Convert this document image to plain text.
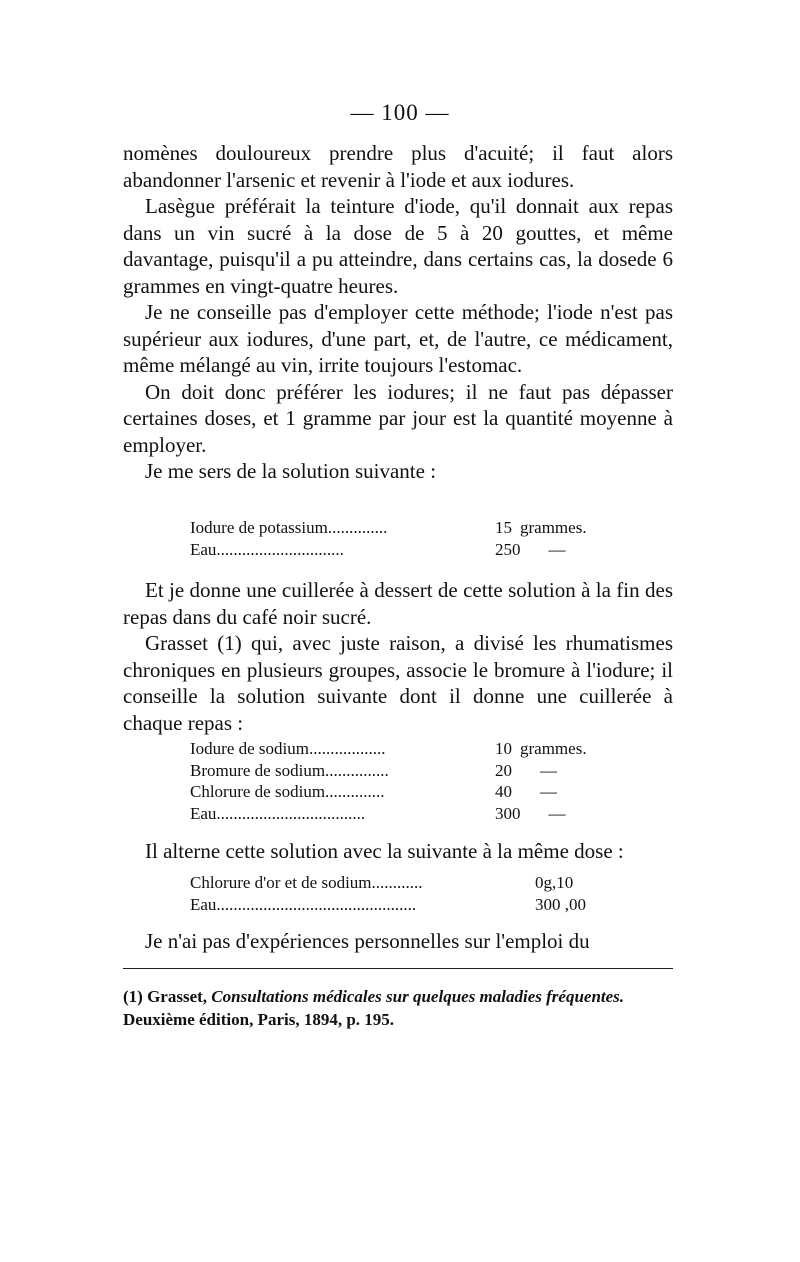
— 100 —

nomènes douloureux prendre plus d'acuité; il faut alors abandonner l'arsenic et revenir à l'iode et aux iodures.

Lasègue préférait la teinture d'iode, qu'il donnait aux repas dans un vin sucré à la dose de 5 à 20 gouttes, et même davantage, puisqu'il a pu atteindre, dans certains cas, la dosede 6 grammes en vingt-quatre heures.

Je ne conseille pas d'employer cette méthode; l'iode n'est pas supérieur aux iodures, d'une part, et, de l'autre, ce médicament, même mélangé au vin, irrite toujours l'estomac.

On doit donc préférer les iodures; il ne faut pas dépasser certaines doses, et 1 gramme par jour est la quantité moyenne à employer.

Je me sers de la solution suivante :

Iodure de potassium..............	15 grammes.
Eau..............................	250	—

Et je donne une cuillerée à dessert de cette solution à la fin des repas dans du café noir sucré.

Grasset (1) qui, avec juste raison, a divisé les rhumatismes chroniques en plusieurs groupes, associe le bromure à l'iodure; il conseille la solution suivante dont il donne une cuillerée à chaque repas :

Iodure de sodium..................	10 grammes.
Bromure de sodium...............	20	—
Chlorure de sodium..............	40	—
Eau...................................	300	—

Il alterne cette solution avec la suivante à la même dose :

Chlorure d'or et de sodium............	0g,10
Eau...............................................	300 ,00

Je n'ai pas d'expériences personnelles sur l'emploi du

(1) Grasset, Consultations médicales sur quelques maladies fréquentes.
Deuxième édition, Paris, 1894, p. 195.
